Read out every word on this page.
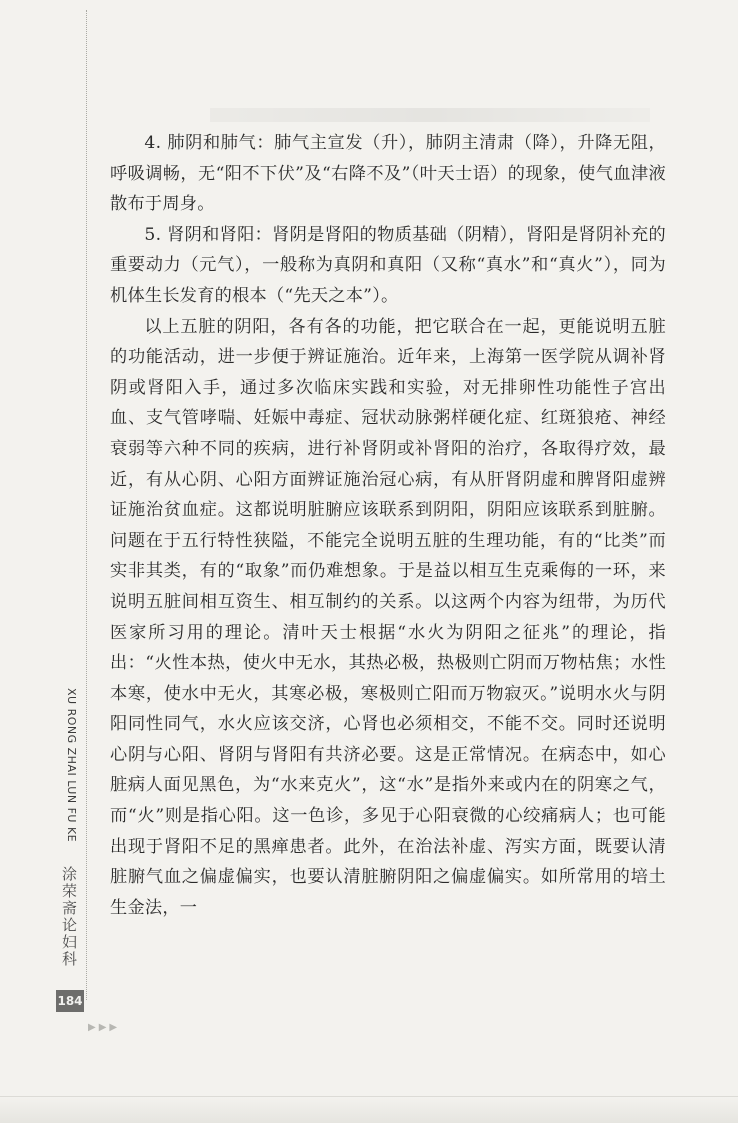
4. 肺阴和肺气：肺气主宣发（升），肺阴主清肃（降），升降无阻，呼吸调畅，无“阳不下伏”及“右降不及”（叶天士语）的现象，使气血津液散布于周身。

5. 肾阴和肾阳：肾阴是肾阳的物质基础（阴精），肾阳是肾阴补充的重要动力（元气），一般称为真阴和真阳（又称“真水”和“真火”），同为机体生长发育的根本（“先天之本”）。

以上五脏的阴阳，各有各的功能，把它联合在一起，更能说明五脏的功能活动，进一步便于辨证施治。近年来，上海第一医学院从调补肾阴或肾阳入手，通过多次临床实践和实验，对无排卵性功能性子宫出血、支气管哮喘、妊娠中毒症、冠状动脉粥样硬化症、红斑狼疮、神经衰弱等六种不同的疾病，进行补肾阴或补肾阳的治疗，各取得疗效，最近，有从心阴、心阳方面辨证施治冠心病，有从肝肾阴虚和脾肾阳虚辨证施治贫血症。这都说明脏腑应该联系到阴阳，阴阳应该联系到脏腑。问题在于五行特性狭隘，不能完全说明五脏的生理功能，有的“比类”而实非其类，有的“取象”而仍难想象。于是益以相互生克乘侮的一环，来说明五脏间相互资生、相互制约的关系。以这两个内容为纽带，为历代医家所习用的理论。清叶天士根据“水火为阴阳之征兆”的理论，指出：“火性本热，使火中无水，其热必极，热极则亡阴而万物枯焦；水性本寒，使水中无火，其寒必极，寒极则亡阳而万物寂灭。”说明水火与阴阳同性同气，水火应该交济，心肾也必须相交，不能不交。同时还说明心阴与心阳、肾阴与肾阳有共济必要。这是正常情况。在病态中，如心脏病人面见黑色，为“水来克火”，这“水”是指外来或内在的阴寒之气，而“火”则是指心阳。这一色诊，多见于心阳衰微的心绞痛病人；也可能出现于肾阳不足的黑瘅患者。此外，在治法补虚、泻实方面，既要认清脏腑气血之偏虚偏实，也要认清脏腑阴阳之偏虚偏实。如所常用的培土生金法，一

XU RONG ZHAI LUN FU KE
涂荣斋论妇科
184
▶▶▶
